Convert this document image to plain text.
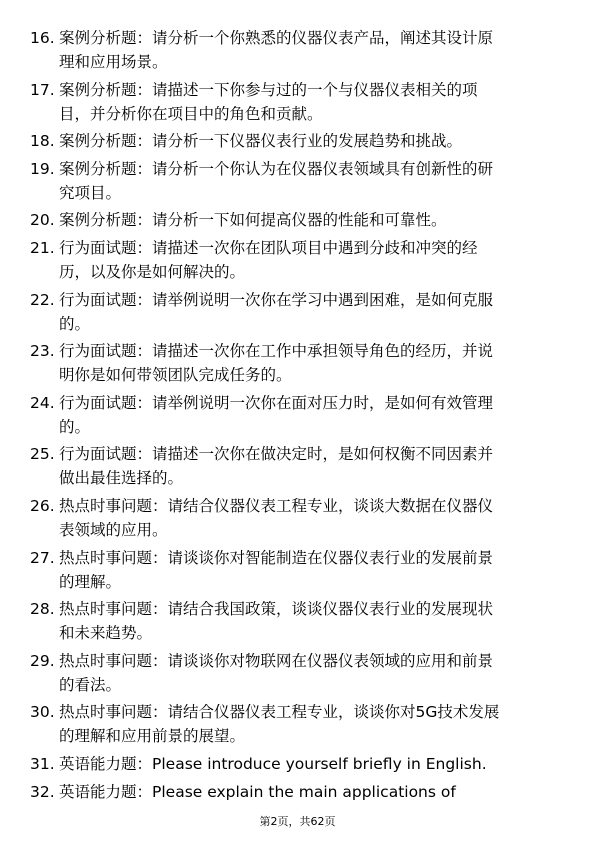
16. 案例分析题：请分析一个你熟悉的仪器仪表产品，阐述其设计原
理和应用场景。
17. 案例分析题：请描述一下你参与过的一个与仪器仪表相关的项
目，并分析你在项目中的角色和贡献。
18. 案例分析题：请分析一下仪器仪表行业的发展趋势和挑战。
19. 案例分析题：请分析一个你认为在仪器仪表领域具有创新性的研
究项目。
20. 案例分析题：请分析一下如何提高仪器的性能和可靠性。
21. 行为面试题：请描述一次你在团队项目中遇到分歧和冲突的经
历，以及你是如何解决的。
22. 行为面试题：请举例说明一次你在学习中遇到困难，是如何克服
的。
23. 行为面试题：请描述一次你在工作中承担领导角色的经历，并说
明你是如何带领团队完成任务的。
24. 行为面试题：请举例说明一次你在面对压力时，是如何有效管理
的。
25. 行为面试题：请描述一次你在做决定时，是如何权衡不同因素并
做出最佳选择的。
26. 热点时事问题：请结合仪器仪表工程专业，谈谈大数据在仪器仪
表领域的应用。
27. 热点时事问题：请谈谈你对智能制造在仪器仪表行业的发展前景
的理解。
28. 热点时事问题：请结合我国政策，谈谈仪器仪表行业的发展现状
和未来趋势。
29. 热点时事问题：请谈谈你对物联网在仪器仪表领域的应用和前景
的看法。
30. 热点时事问题：请结合仪器仪表工程专业，谈谈你对5G技术发展
的理解和应用前景的展望。
31. 英语能力题：Please introduce yourself briefly in English.
32. 英语能力题：Please explain the main applications of
第2页，共62页
